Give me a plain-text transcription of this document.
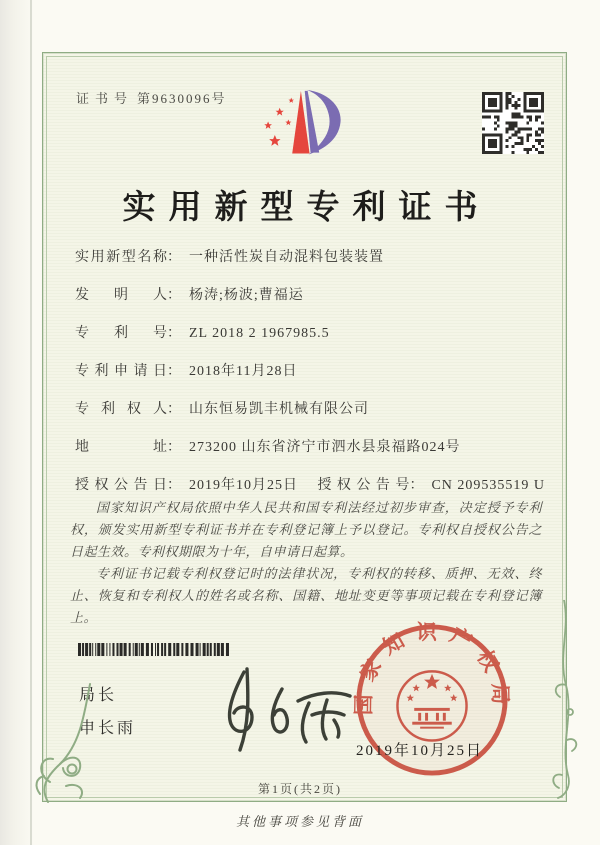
证书号 第9630096号
实用新型专利证书
实用新型名称： 一种活性炭自动混料包装装置
发明人： 杨涛;杨波;曹福运
专利号： ZL 2018 2 1967985.5
专利申请日： 2018年11月28日
专利权人： 山东恒易凯丰机械有限公司
地址： 273200 山东省济宁市泗水县泉福路024号
授权公告日： 2019年10月25日 授权公告号： CN 209535519 U

国家知识产权局依照中华人民共和国专利法经过初步审查，决定授予专利权，颁发实用新型专利证书并在专利登记簿上予以登记。专利权自授权公告之日起生效。专利权期限为十年，自申请日起算。

专利证书记载专利权登记时的法律状况，专利权的转移、质押、无效、终止、恢复和专利权人的姓名或名称、国籍、地址变更等事项记载在专利登记簿上。

局长
申长雨
国家知识产权局
2019年10月25日
第1页(共2页)
其他事项参见背面
